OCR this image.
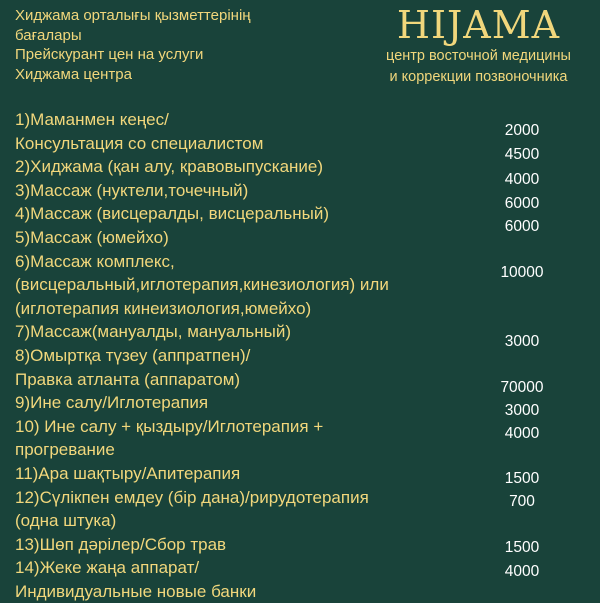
Хиджама орталығы қызметтерінің
бағалары
Прейскурант цен на услуги
Хиджама центра
HIJAMA
центр восточной медицины
и коррекции позвоночника
1)Маманмен кеңес/
Консультация со специалистом
2)Хиджама (қан алу, кравовыпускание)
3)Массаж (нуктели,точечный)
4)Массаж (висцералды, висцеральный)
5)Массаж (юмейхо)
6)Массаж комплекс,
(висцеральный,иглотерапия,кинезиология) или
(иглотерапия кинеизиология,юмейхо)
7)Массаж(мануалды, мануальный)
8)Омыртқа түзеу (аппратпен)/
Правка атланта (аппаратом)
9)Ине салу/Иглотерапия
10) Ине салу + қыздыру/Иглотерапия +
прогревание
11)Ара шақтыру/Апитерапия
12)Сүлікпен емдеу (бір дана)/рирудотерапия
(одна штука)
13)Шөп дәрілер/Сбор трав
14)Жеке жаңа аппарат/
Индивидуальные новые банки
2000
4500
4000
6000
6000
10000
3000
70000
3000
4000
1500
700
1500
4000
